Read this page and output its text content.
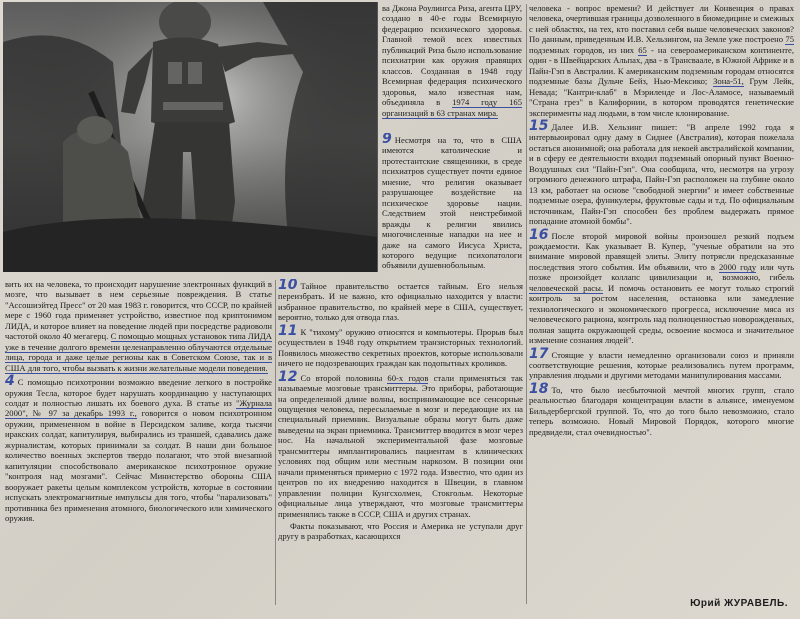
вa Джона Роулингса Риза, агента ЦРУ, создано в 40-е годы Всемирную федерацию психического здоровья. Главной темой всех известных публикаций Риза было использование психиатрии как оружия правящих классов. Созданная в 1948 году Всемирная федерация психического здоровья, мало известная нам, объединяла в 1974 году 165 организаций в 63 странах мира.

9 Несмотря на то, что в США имеются католические и протестантские священники, в среде психиатров существует почти единое мнение, что религия оказывает разрушающее воздействие на психическое здоровье нации. Следствием этой неистребимой вражды к религии явились многочисленные нападки на нее и даже на самого Иисуса Христа, которого ведущие психопатологи объявили душевнобольным.

вить их на человека, то происходит нарушение электронных функций в мозге, что вызывает в нем серьезные повреждения. В статье "Ассошиэйтед Пресс" от 20 мая 1983 г. говорится, что СССР, по крайней мере с 1960 года применяет устройство, известное под криптонимом ЛИДА, и которое влияет на поведение людей при посредстве радиоволн частотой около 40 мегагерц. С помощью мощных установок типа ЛИДА уже в течение долгого времени целенаправленно облучаются отдельные лица, города и даже целые регионы как в Советском Союзе, так и в США для того, чтобы вызвать к жизни желательные модели поведения.

4 С помощью психотронии возможно введение легкого в постройке оружия Тесла, которое будет нарушать координацию у наступающих солдат и полностью лишать их боевого духа. В статье из "Журнала 2000", № 97 за декабрь 1993 г., говорится о новом психотронном оружии, примененном в войне в Персидском заливе, когда тысячи иракских солдат, капитулируя, выбирались из траншей, сдавались даже журналистам, которых принимали за солдат. В наши дни большое количество военных экспертов твердо полагают, что этой внезапной капитуляции способствовало американское психотронное оружие "контроля над мозгами". Сейчас Министерство обороны США вооружает ракеты целым комплексом устройств, которые в состоянии испускать электромагнитные импульсы для того, чтобы "парализовать" противника без применения атомного, биологического или химического оружия.

10 Тайное правительство остается тайным. Его нельзя переизбрать. И не важно, кто официально находится у власти: избранное правительство, по крайней мере в США, существует, вероятно, только для отвода глаз.

11 К "тихому" оружию относятся и компьютеры. Прорыв был осуществлен в 1948 году открытием транзисторных технологий. Появилось множество секретных проектов, которые использовали ничего не подозревающих граждан как подопытных кроликов.

12 Со второй половины 60-х годов стали применяться так называемые мозговые трансмиттеры. Это приборы, работающие на определенной длине волны, воспринимающие все сенсорные ощущения человека, пересылаемые в мозг и передающие их на специальный приемник. Визуальные образы могут быть даже выведены на экран приемника. Трансмиттер вводится в мозг через нос. На начальной экспериментальной фазе мозговые трансмиттеры имплантировались пациентам в клинических условиях под общим или местным наркозом. В позиции они начали применяться примерно с 1972 года. Известно, что один из центров по их внедрению находится в Швеции, в главном управлении полиции Кунгсхолмен, Стокгольм. Некоторые официальные лица утверждают, что мозговые трансмиттеры применялись также в СССР, США и других странах.

Факты показывают, что Россия и Америка не уступали друг другу в разработках, касающихся

человека - вопрос времени? И действует ли Конвенция о правах человека, очертившая границы дозволенного в биомедицине и смежных с ней областях, на тех, кто поставил себя выше человеческих законов? По данным, приведенным И.В. Хельзингом, на Земле уже построено 75 подземных городов, из них 65 - на североамериканском континенте, один - в Швейцарских Альпах, два - в Трансваале, в Южной Африке и в Пайн-Гэп в Австралии. К американским подземным городам относятся подземные базы Дульче Бейз, Нью-Мексико; Зона-51, Грум Лейк, Невада; "Кантри-клаб" в Мэриленде и Лос-Аламосе, называемый "Страна грез" в Калифорнии, в котором проводятся генетические эксперименты над людьми, в том числе клонирование.

15 Далее И.В. Хельзинг пишет: "В апреле 1992 года я интервьюировал одну даму в Сиднее (Австралия), которая пожелала остаться анонимной; она работала для некоей австралийской компании, и в сферу ее деятельности входил подземный опорный пункт Военно-Воздушных сил "Пайн-Гэп". Она сообщила, что, несмотря на угрозу огромного денежного штрафа, Пайн-Гэп расположен на глубине около 13 км, работает на основе "свободной энергии" и имеет собственные подземные озера, фуникулеры, фруктовые сады и т.д. По официальным источникам, Пайн-Гэп способен без проблем выдержать прямое попадание атомной бомбы".

16 После второй мировой войны произошел резкий подъем рождаемости. Как указывает В. Купер, "ученые обратили на это внимание мировой правящей элиты. Элиту потрясли предсказанные последствия этого события. Им объявили, что в 2000 году или чуть позже произойдет коллапс цивилизации и, возможно, гибель человеческой расы. И помочь остановить ее могут только строгий контроль за ростом населения, остановка или замедление технологического и экономического прогресса, исключение мяса из человеческого рациона, контроль над полноценностью новорожденных, полная защита окружающей среды, освоение космоса и значительное изменение сознания людей".

17 Стоящие у власти немедленно организовали союз и приняли соответствующие решения, которые реализовались путем программ, управления людьми и другими методами манипулирования массами.

18 То, что было несбыточной мечтой многих групп, стало реальностью благодаря концентрации власти в альянсе, именуемом Бильдербергской группой. То, что до того было невозможно, стало теперь возможно. Новый Мировой Порядок, которого многие предвидели, стал очевидностью".

Юрий ЖУРАВЕЛЬ.
